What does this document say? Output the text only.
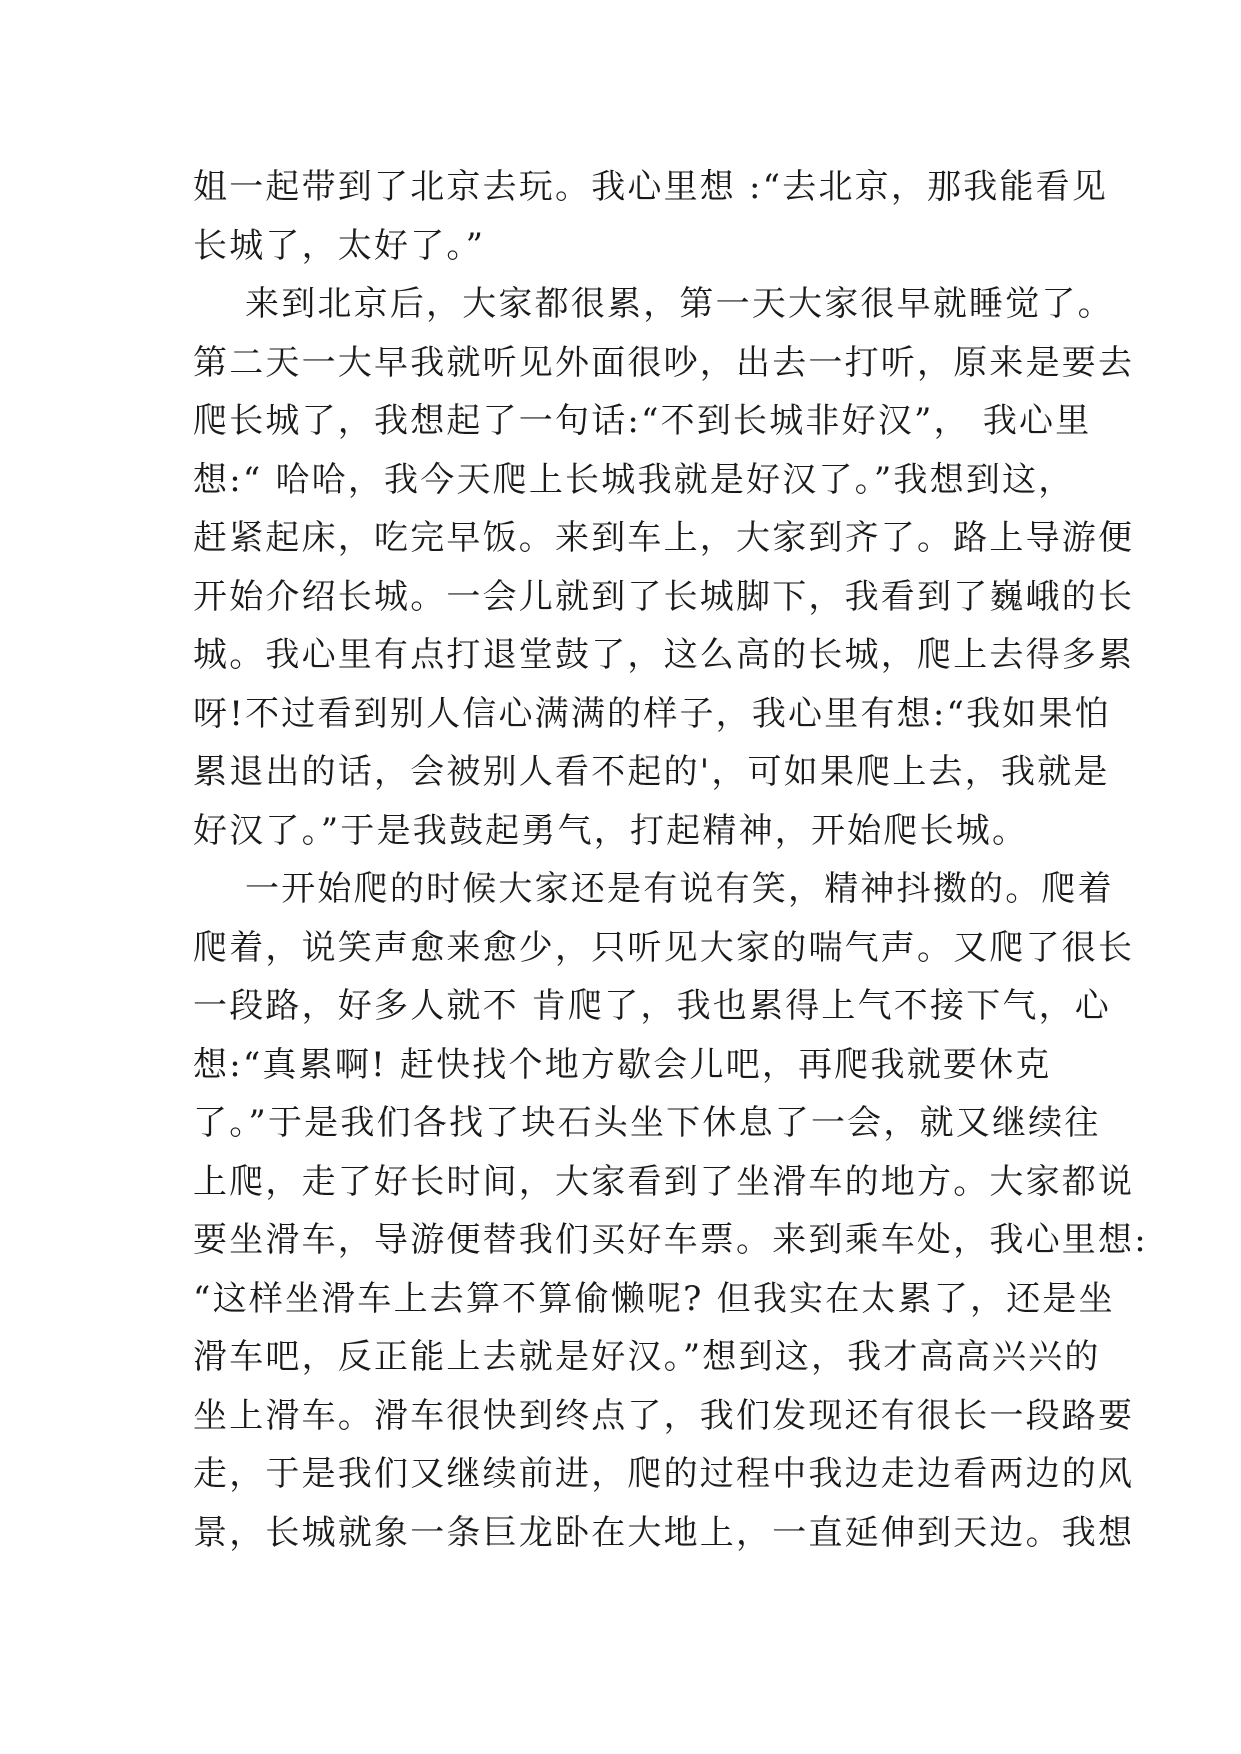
姐一起带到了北京去玩。我心里想 :“去北京，那我能看见
长城了，太好了。”
来到北京后，大家都很累，第一天大家很早就睡觉了。
第二天一大早我就听见外面很吵，出去一打听，原来是要去
爬长城了，我想起了一句话:“不到长城非好汉”， 我心里
想:“ 哈哈，我今天爬上长城我就是好汉了。”我想到这，
赶紧起床，吃完早饭。来到车上，大家到齐了。路上导游便
开始介绍长城。一会儿就到了长城脚下，我看到了巍峨的长
城。我心里有点打退堂鼓了，这么高的长城，爬上去得多累
呀!不过看到别人信心满满的样子，我心里有想:“我如果怕
累退出的话，会被别人看不起的'，可如果爬上去，我就是
好汉了。”于是我鼓起勇气，打起精神，开始爬长城。
一开始爬的时候大家还是有说有笑，精神抖擞的。爬着
爬着，说笑声愈来愈少，只听见大家的喘气声。又爬了很长
一段路，好多人就不 肯爬了，我也累得上气不接下气，心
想:“真累啊! 赶快找个地方歇会儿吧，再爬我就要休克
了。”于是我们各找了块石头坐下休息了一会，就又继续往
上爬，走了好长时间，大家看到了坐滑车的地方。大家都说
要坐滑车，导游便替我们买好车票。来到乘车处，我心里想:
“这样坐滑车上去算不算偷懒呢? 但我实在太累了，还是坐
滑车吧，反正能上去就是好汉。”想到这，我才高高兴兴的
坐上滑车。滑车很快到终点了，我们发现还有很长一段路要
走，于是我们又继续前进，爬的过程中我边走边看两边的风
景，长城就象一条巨龙卧在大地上，一直延伸到天边。我想
